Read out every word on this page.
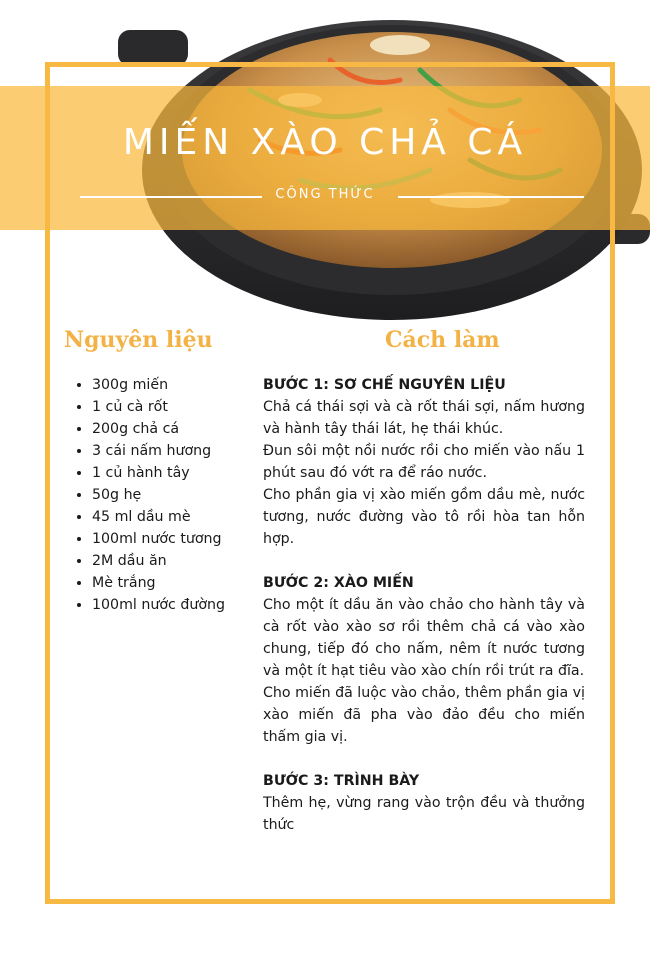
MIẾN XÀO CHẢ CÁ
CÔNG THỨC
Nguyên liệu	Cách làm
• 300g miến
• 1 củ cà rốt
• 200g chả cá
• 3 cái nấm hương
• 1 củ hành tây
• 50g hẹ
• 45 ml dầu mè
• 100ml nước tương
• 2M dầu ăn
• Mè trắng
• 100ml nước đường

BƯỚC 1: SƠ CHẾ NGUYÊN LIỆU

Chả cá thái sợi và cà rốt thái sợi, nấm hương và hành tây thái lát, hẹ thái khúc.

Đun sôi một nồi nước rồi cho miến vào nấu 1 phút sau đó vớt ra để ráo nước.

Cho phần gia vị xào miến gồm dầu mè, nước tương, nước đường vào tô rồi hòa tan hỗn hợp.

BƯỚC 2: XÀO MIẾN

Cho một ít dầu ăn vào chảo cho hành tây và cà rốt vào xào sơ rồi thêm chả cá vào xào chung, tiếp đó cho nấm, nêm ít nước tương và một ít hạt tiêu vào xào chín rồi trút ra đĩa.

Cho miến đã luộc vào chảo, thêm phần gia vị xào miến đã pha vào đảo đều cho miến thấm gia vị.

BƯỚC 3: TRÌNH BÀY

Thêm hẹ, vừng rang vào trộn đều và thưởng thức
